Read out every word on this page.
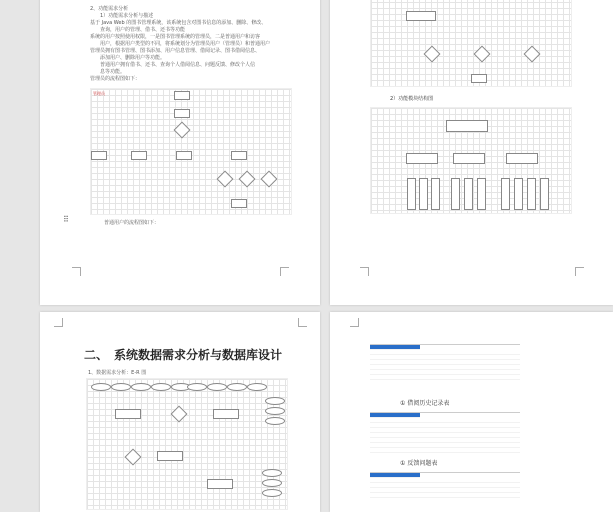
2、功能需求分析
1）功能需求分析与描述
基于 Java Web 的图书管理系统，该系统包含对图书信息的添加、删除、修改、
查询，用户的管理、借书、还书等功能
系统的用户按照使用权限，一是图书管理系统的管理员，二是普通用户和访客
用户，根据用户类型的不同，将系统划分为管理员用户（管理员）和普通用户
管理员拥有图书管理、图书添加、用户信息管理、借阅记录、图书借阅信息、
添加用户、删除用户等功能。
普通用户拥有借书、还书、查询个人借阅信息、问题反馈、修改个人信
息等功能。
管理员的流程图如下：
管理员
普通用户的流程图如下：
⠿
2）功能模块结构图
二、 系统数据需求分析与数据库设计
1、数据需求分析：E-R 图
① 借阅历史记录表
① 反馈问题表
